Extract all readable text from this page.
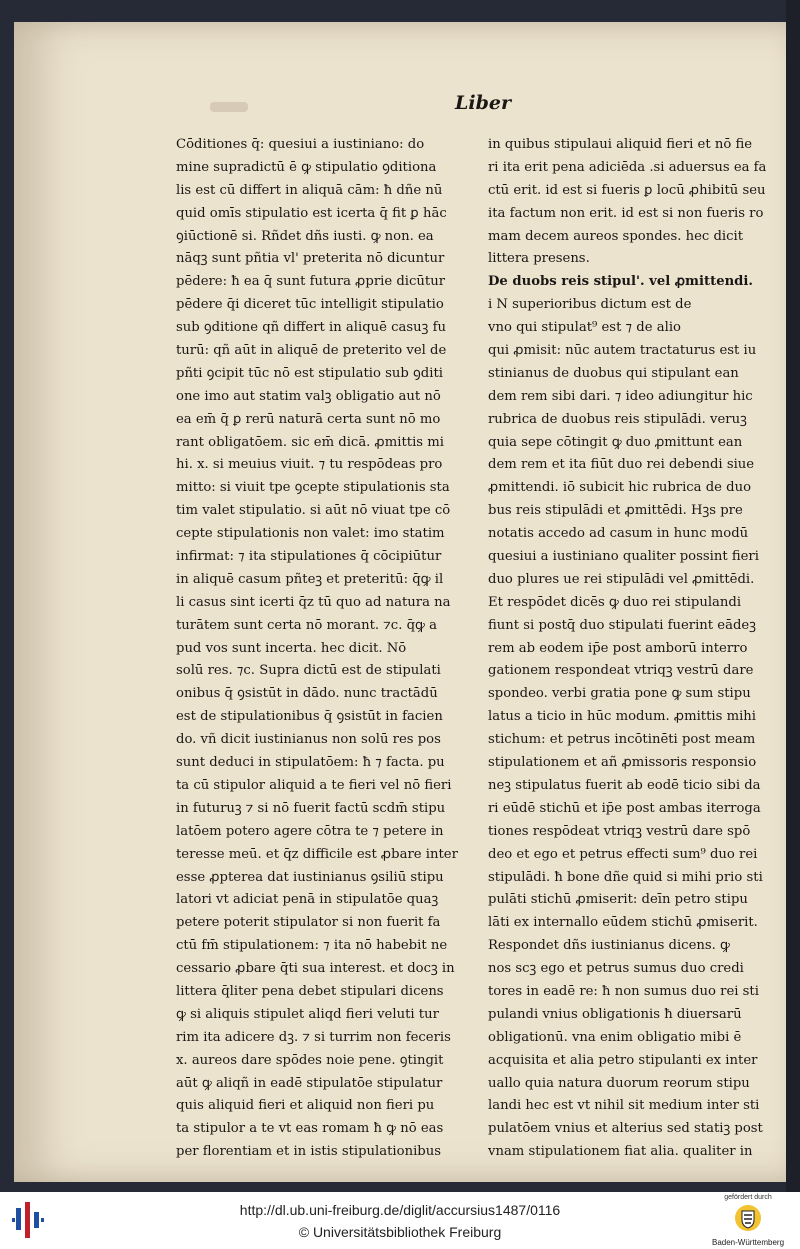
Liber
Cōditiones q̄: quesiui a iustiniano: do
mine supradictū ē ꝙ stipulatio ꝯditiona
lis est cū differt in aliquā cām: ħ dñe nū
quid omīs stipulatio est icerta q̄ fit ꝑ hāc
ꝯiūctionē si. Rñdet dñs iusti. ꝙ non. ea
nāqꝫ sunt pñtia vl' preterita nō dicuntur
pēdere: ħ ea q̄ sunt futura ꝓprie dicūtur
pēdere q̄i diceret tūc intelligit stipulatio
sub ꝯditione qñ differt in aliquē casuꝫ fu
turū: qñ aūt in aliquē de preterito vel de
pñti ꝯcipit tūc nō est stipulatio sub ꝯditi
one imo aut statim valꝫ obligatio aut nō
ea em̄ q̄ ꝑ rerū naturā certa sunt nō mo
rant obligatōem. sic em̄ dicā. ꝓmittis mi
hi. x. si meuius viuit. ⁊ tu respōdeas pro
mitto: si viuit tpe ꝯcepte stipulationis sta
tim valet stipulatio. si aūt nō viuat tpe cō
cepte stipulationis non valet: imo statim
infirmat: ⁊ ita stipulationes q̄ cōcipiūtur
in aliquē casum pñteꝫ et preteritū: q̄ꝙ il
li casus sint icerti q̄z tū quo ad natura na
turātem sunt certa nō morant. ⁊c. q̄ꝙ a
pud vos sunt incerta. hec dicit. Nō
solū res. ⁊c. Supra dictū est de stipulati
onibus q̄ ꝯsistūt in dādo. nunc tractādū
est de stipulationibus q̄ ꝯsistūt in facien
do. vñ dicit iustinianus non solū res pos
sunt deduci in stipulatōem: ħ ⁊ facta. pu
ta cū stipulor aliquid a te fieri vel nō fieri
in futuruꝫ ⁊ si nō fuerit factū scdm̄ stipu
latōem potero agere cōtra te ⁊ petere in
teresse meū. et q̄z difficile est ꝓbare inter
esse ꝓpterea dat iustinianus ꝯsiliū stipu
latori vt adiciat penā in stipulatōe quaꝫ
petere poterit stipulator si non fuerit fa
ctū fm̄ stipulationem: ⁊ ita nō habebit ne
cessario ꝓbare q̄ti sua interest. et docꝫ in
littera q̄liter pena debet stipulari dicens
ꝙ si aliquis stipulet aliqd fieri veluti tur
rim ita adicere dꝫ. ⁊ si turrim non feceris
x. aureos dare spōdes noie pene. ꝯtingit
aūt ꝙ aliqñ in eadē stipulatōe stipulatur
quis aliquid fieri et aliquid non fieri pu
ta stipulor a te vt eas romam ħ ꝙ nō eas
per florentiam et in istis stipulationibus
in quibus stipulaui aliquid fieri et nō fie
ri ita erit pena adiciēda .si aduersus ea fa
ctū erit. id est si fueris ꝑ locū ꝓhibitū seu
ita factum non erit. id est si non fueris ro
mam decem aureos spondes. hec dicit
littera presens.
De duobs reis stipul'. vel ꝓmittendi.
i N superioribus dictum est de
vno qui stipulat⁹ est ⁊ de alio
qui ꝓmisit: nūc autem tractaturus est iu
stinianus de duobus qui stipulant ean
dem rem sibi dari. ⁊ ideo adiungitur hic
rubrica de duobus reis stipulādi. veruꝫ
quia sepe cōtingit ꝙ duo ꝓmittunt ean
dem rem et ita fiūt duo rei debendi siue
ꝓmittendi. iō subicit hic rubrica de duo
bus reis stipulādi et ꝓmittēdi. Hꝫs pre
notatis accedo ad casum in hunc modū
quesiui a iustiniano qualiter possint fieri
duo plures ue rei stipulādi vel ꝓmittēdi.
Et respōdet dicēs ꝙ duo rei stipulandi
fiunt si postq̄ duo stipulati fuerint eādeꝫ
rem ab eodem ip̄e post amborū interro
gationem respondeat vtriqꝫ vestrū dare
spondeo. verbi gratia pone ꝙ sum stipu
latus a ticio in hūc modum. ꝓmittis mihi
stichum: et petrus incōtinēti post meam
stipulationem et añ ꝓmissoris responsio
neꝫ stipulatus fuerit ab eodē ticio sibi da
ri eūdē stichū et ip̄e post ambas iterroga
tiones respōdeat vtriqꝫ vestrū dare spō
deo et ego et petrus effecti sum⁹ duo rei
stipulādi. ħ bone dñe quid si mihi prio sti
pulāti stichū ꝓmiserit: deīn petro stipu
lāti ex internallo eūdem stichū ꝓmiserit.
Respondet dñs iustinianus dicens. ꝙ
nos scꝫ ego et petrus sumus duo credi
tores in eadē re: ħ non sumus duo rei sti
pulandi vnius obligationis ħ diuersarū
obligationū. vna enim obligatio mibi ē
acquisita et alia petro stipulanti ex inter
uallo quia natura duorum reorum stipu
landi hec est vt nihil sit medium inter sti
pulatōem vnius et alterius sed statiꝫ post
vnam stipulationem fiat alia. qualiter in
http://dl.ub.uni-freiburg.de/diglit/accursius1487/0116
© Universitätsbibliothek Freiburg
gefördert durch
Baden-Württemberg
